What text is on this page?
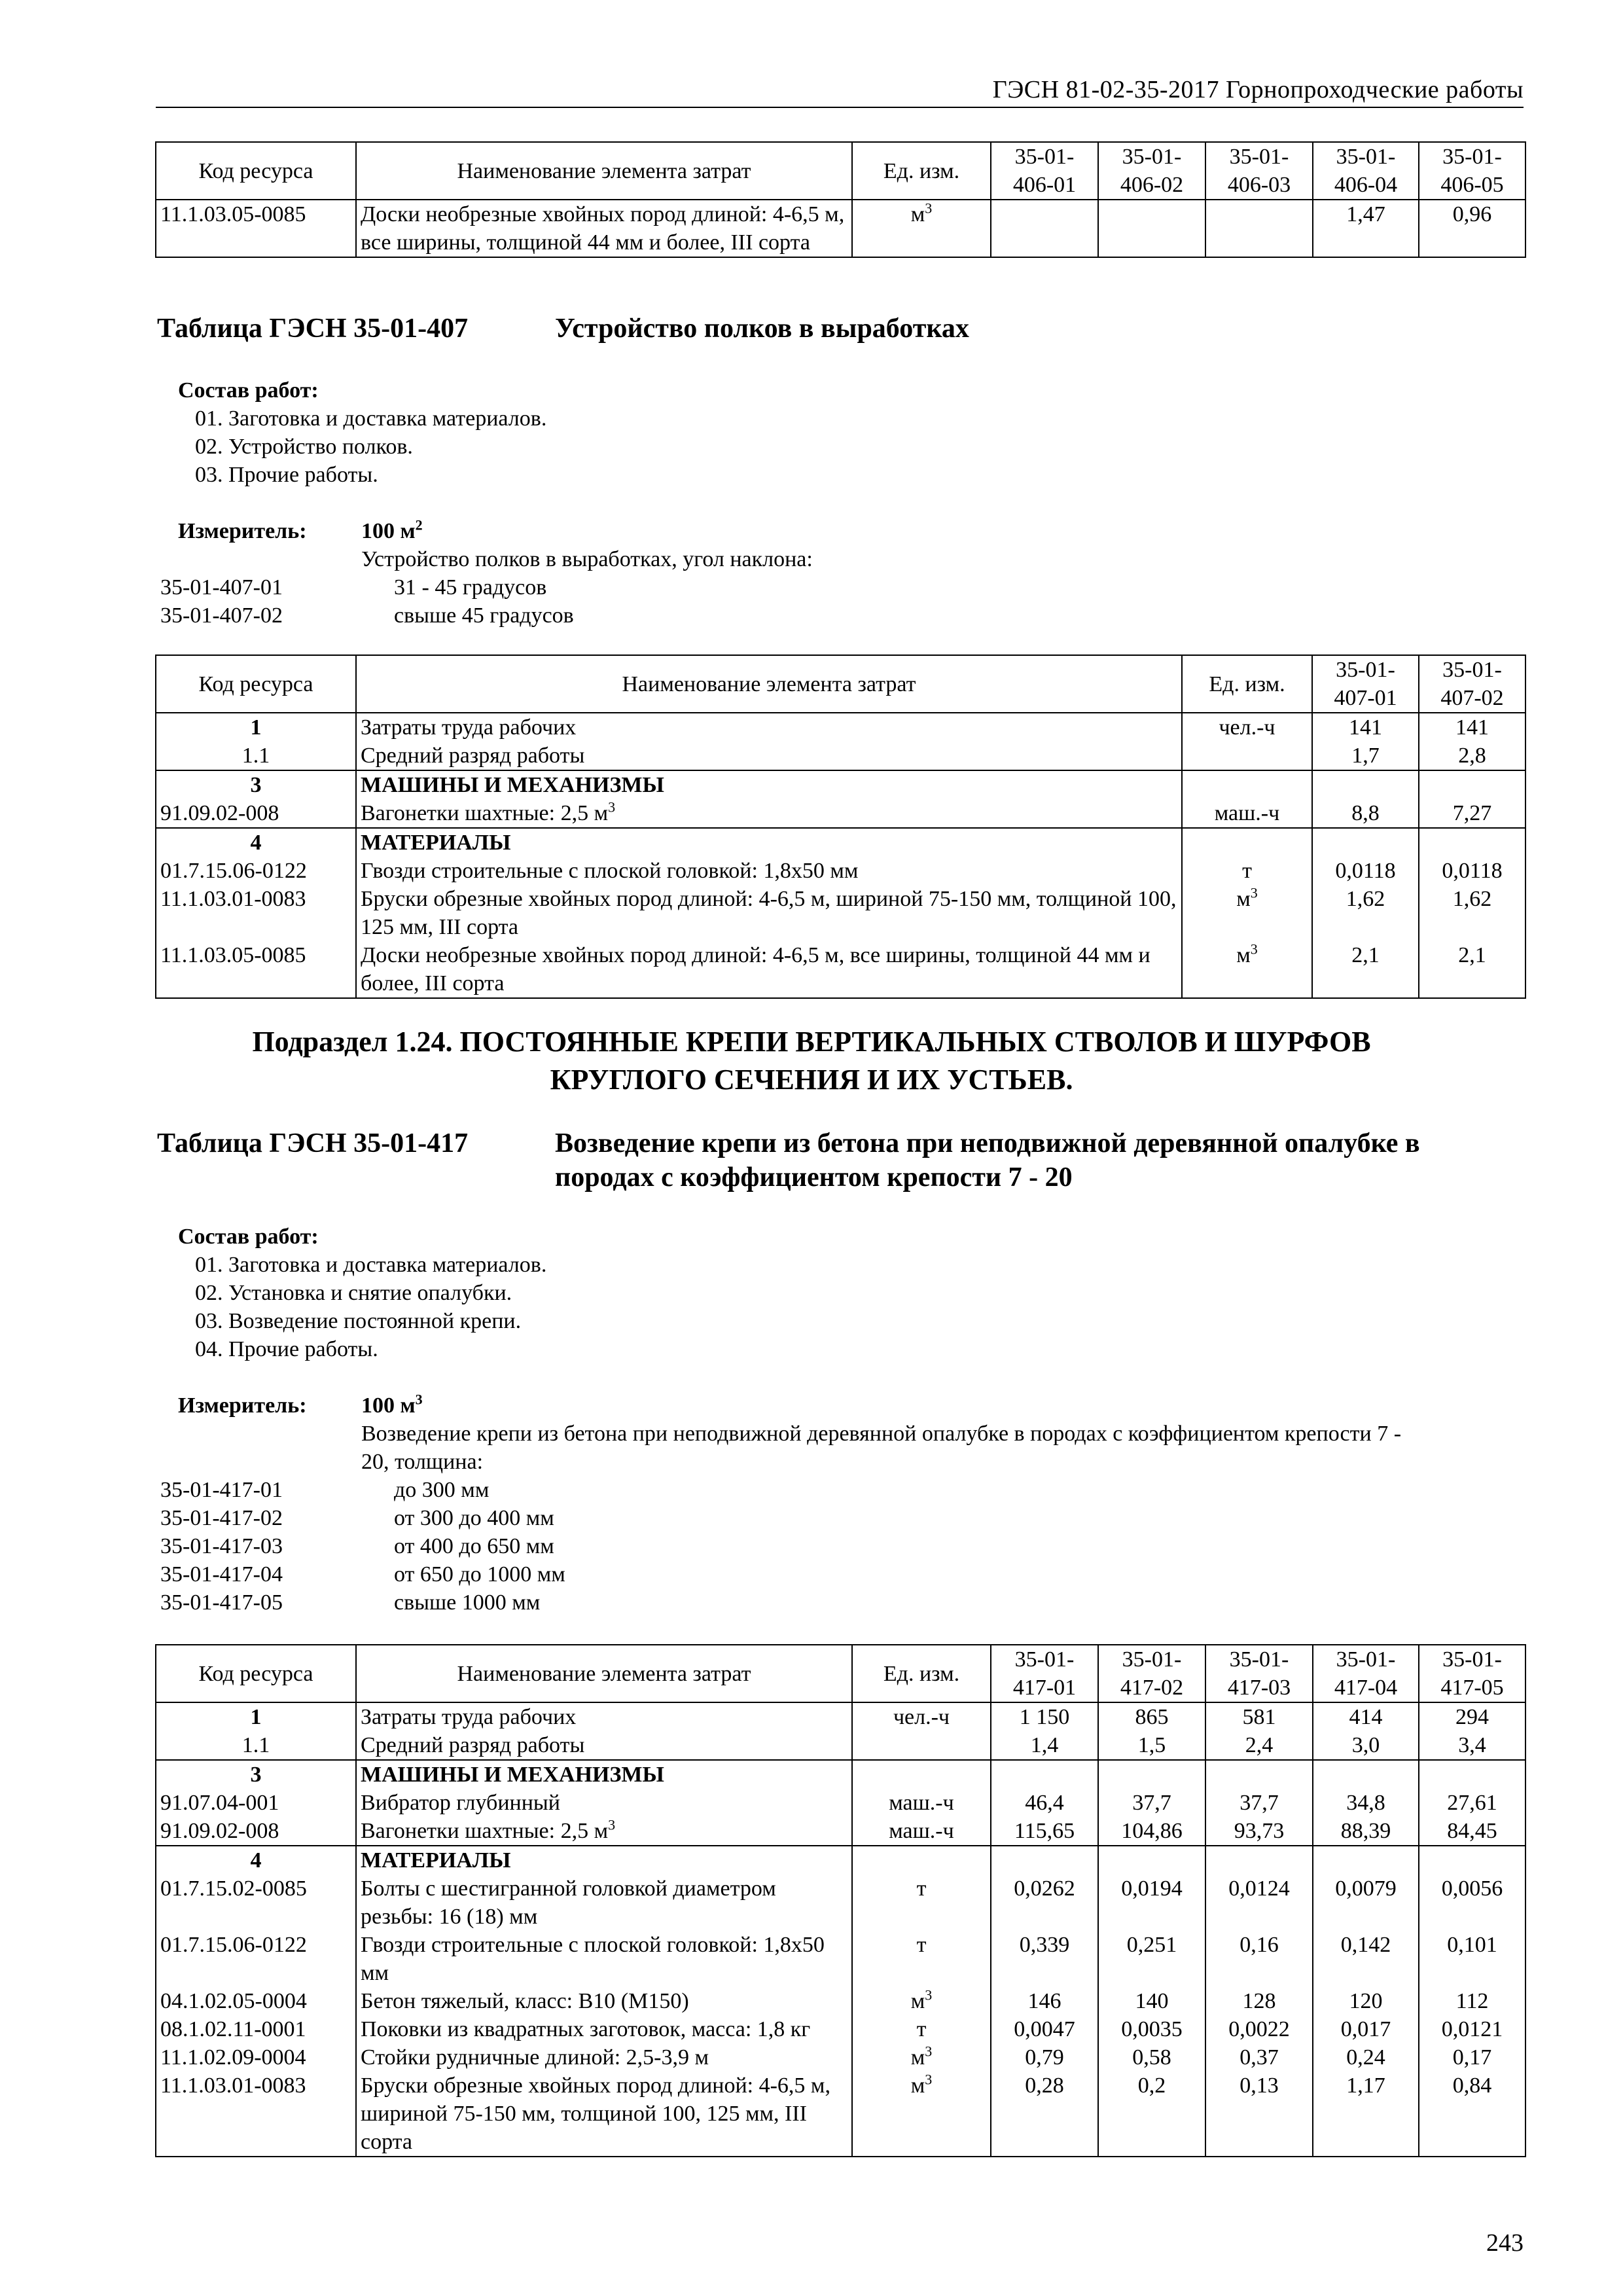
ГЭСН 81-02-35-2017 Горнопроходческие работы
Код ресурса	Наименование элемента затрат	Ед. изм.	35-01-406-01	35-01-406-02	35-01-406-03	35-01-406-04	35-01-406-05
11.1.03.05-0085	Доски необрезные хвойных пород длиной: 4-6,5 м, все ширины, толщиной 44 мм и более, III сорта	$м^3$				1,47	0,96
Таблица ГЭСН 35-01-407	Устройство полков в выработках
Состав работ:
01. Заготовка и доставка материалов.
02. Устройство полков.
03. Прочие работы.
Измеритель: 100 $м^2$
Устройство полков в выработках, угол наклона:
35-01-407-01	31 - 45 градусов
35-01-407-02	свыше 45 градусов
Код ресурса	Наименование элемента затрат	Ед. изм.	35-01-407-01	35-01-407-02
1	Затраты труда рабочих	чел.-ч	141	141
1.1	Средний разряд работы		1,7	2,8
3	МАШИНЫ И МЕХАНИЗМЫ			
91.09.02-008	Вагонетки шахтные: 2,5 $м^3$	маш.-ч	8,8	7,27
4	МАТЕРИАЛЫ			
01.7.15.06-0122	Гвозди строительные с плоской головкой: 1,8x50 мм	т	0,0118	0,0118
11.1.03.01-0083	Бруски обрезные хвойных пород длиной: 4-6,5 м, шириной 75-150 мм, толщиной 100, 125 мм, III сорта	$м^3$	1,62	1,62
11.1.03.05-0085	Доски необрезные хвойных пород длиной: 4-6,5 м, все ширины, толщиной 44 мм и более, III сорта	$м^3$	2,1	2,1
Подраздел 1.24. ПОСТОЯННЫЕ КРЕПИ ВЕРТИКАЛЬНЫХ СТВОЛОВ И ШУРФОВ
КРУГЛОГО СЕЧЕНИЯ И ИХ УСТЬЕВ.
Таблица ГЭСН 35-01-417	Возведение крепи из бетона при неподвижной деревянной опалубке в
породах с коэффициентом крепости 7 - 20
Состав работ:
01. Заготовка и доставка материалов.
02. Установка и снятие опалубки.
03. Возведение постоянной крепи.
04. Прочие работы.
Измеритель: 100 $м^3$
Возведение крепи из бетона при неподвижной деревянной опалубке в породах с коэффициентом крепости 7 -
20, толщина:
35-01-417-01	до 300 мм
35-01-417-02	от 300 до 400 мм
35-01-417-03	от 400 до 650 мм
35-01-417-04	от 650 до 1000 мм
35-01-417-05	свыше 1000 мм
Код ресурса	Наименование элемента затрат	Ед. изм.	35-01-417-01	35-01-417-02	35-01-417-03	35-01-417-04	35-01-417-05
1	Затраты труда рабочих	чел.-ч	1 150	865	581	414	294
1.1	Средний разряд работы		1,4	1,5	2,4	3,0	3,4
3	МАШИНЫ И МЕХАНИЗМЫ						
91.07.04-001	Вибратор глубинный	маш.-ч	46,4	37,7	37,7	34,8	27,61
91.09.02-008	Вагонетки шахтные: 2,5 $м^3$	маш.-ч	115,65	104,86	93,73	88,39	84,45
4	МАТЕРИАЛЫ						
01.7.15.02-0085	Болты с шестигранной головкой диаметром резьбы: 16 (18) мм	т	0,0262	0,0194	0,0124	0,0079	0,0056
01.7.15.06-0122	Гвозди строительные с плоской головкой: 1,8x50 мм	т	0,339	0,251	0,16	0,142	0,101
04.1.02.05-0004	Бетон тяжелый, класс: В10 (М150)	$м^3$	146	140	128	120	112
08.1.02.11-0001	Поковки из квадратных заготовок, масса: 1,8 кг	т	0,0047	0,0035	0,0022	0,017	0,0121
11.1.02.09-0004	Стойки рудничные длиной: 2,5-3,9 м	$м^3$	0,79	0,58	0,37	0,24	0,17
11.1.03.01-0083	Бруски обрезные хвойных пород длиной: 4-6,5 м, шириной 75-150 мм, толщиной 100, 125 мм, III сорта	$м^3$	0,28	0,2	0,13	1,17	0,84
243
